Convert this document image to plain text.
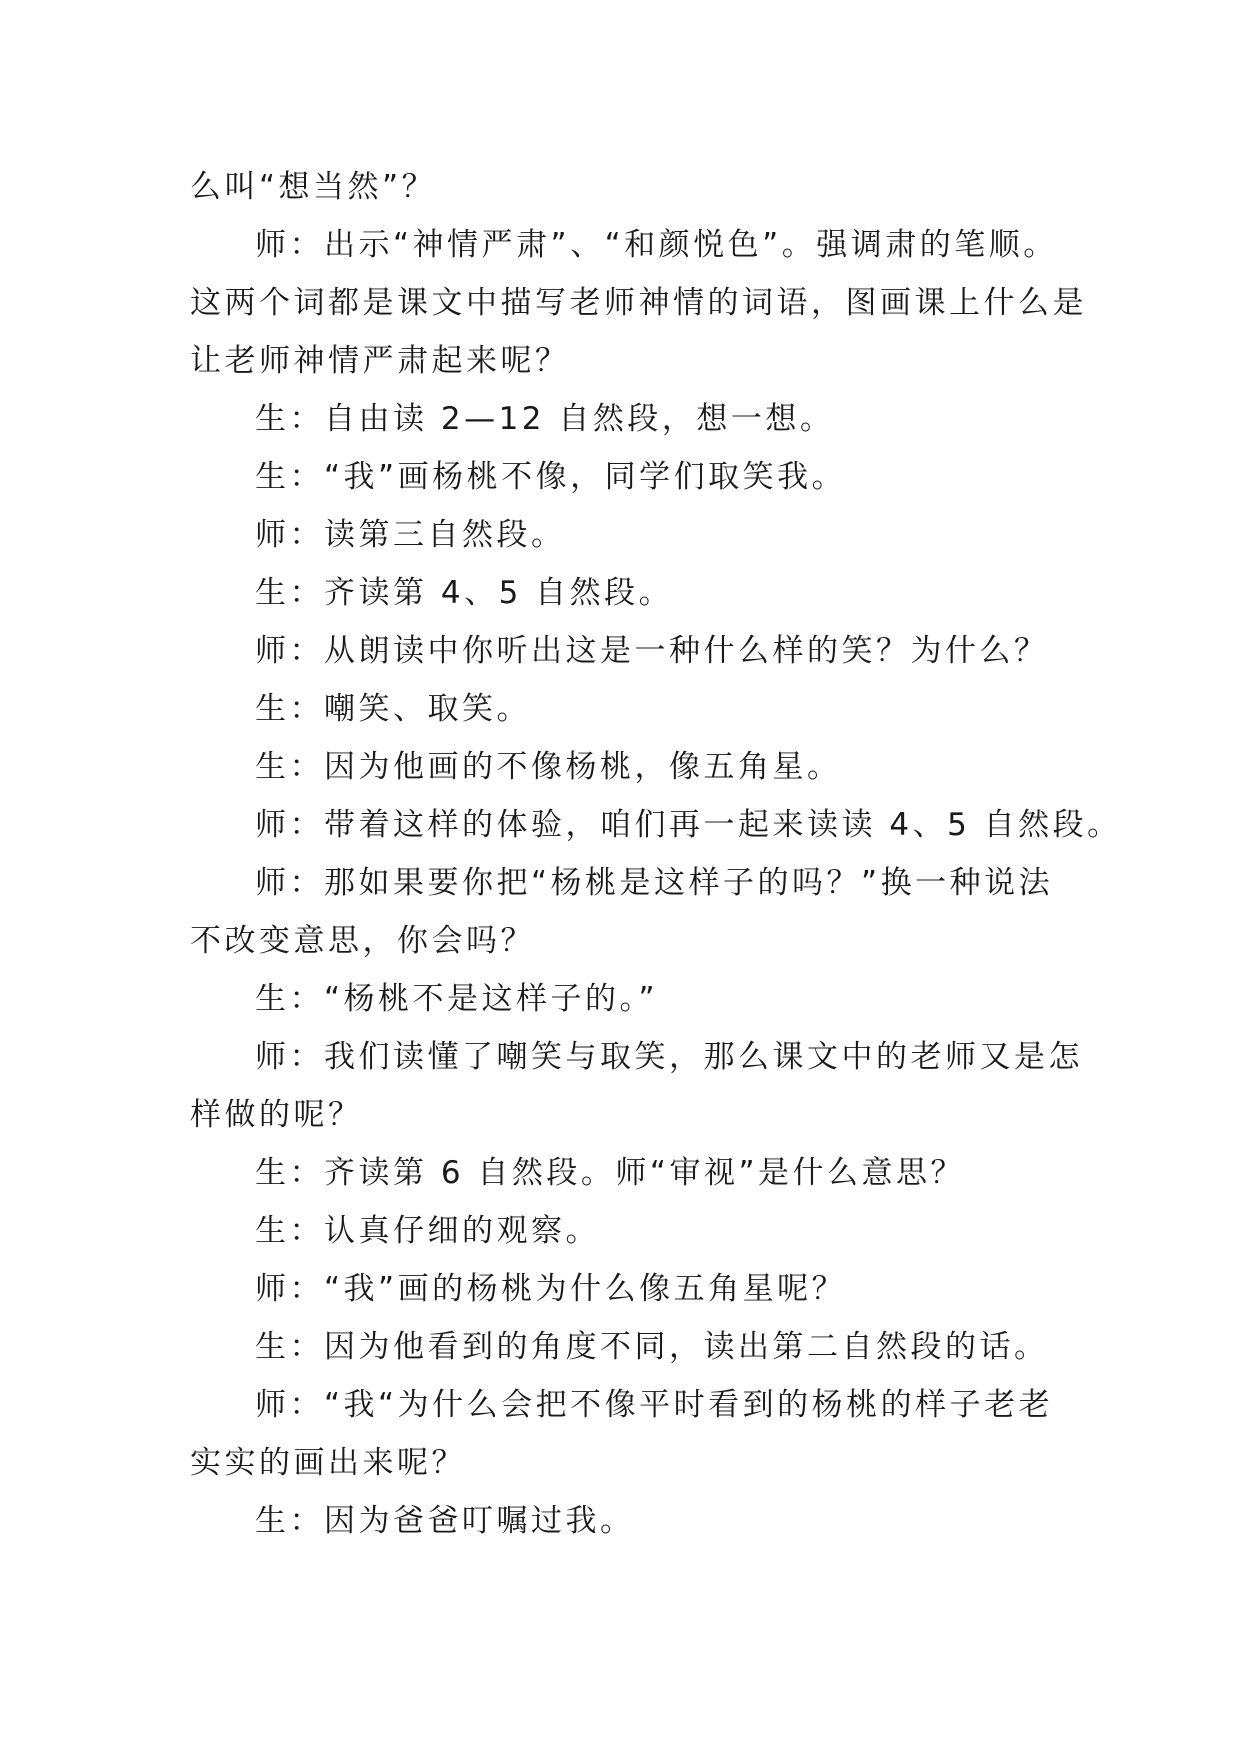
么叫“想当然”？
师：出示“神情严肃”、“和颜悦色”。强调肃的笔顺。
这两个词都是课文中描写老师神情的词语，图画课上什么是
让老师神情严肃起来呢？
生：自由读 2—12 自然段，想一想。
生：“我”画杨桃不像，同学们取笑我。
师：读第三自然段。
生：齐读第 4、5 自然段。
师：从朗读中你听出这是一种什么样的笑？为什么？
生：嘲笑、取笑。
生：因为他画的不像杨桃，像五角星。
师：带着这样的体验，咱们再一起来读读 4、5 自然段。
师：那如果要你把“杨桃是这样子的吗？”换一种说法
不改变意思，你会吗？
生：“杨桃不是这样子的。”
师：我们读懂了嘲笑与取笑，那么课文中的老师又是怎
样做的呢？
生：齐读第 6 自然段。师“审视”是什么意思？
生：认真仔细的观察。
师：“我”画的杨桃为什么像五角星呢？
生：因为他看到的角度不同，读出第二自然段的话。
师：“我“为什么会把不像平时看到的杨桃的样子老老
实实的画出来呢？
生：因为爸爸叮嘱过我。
